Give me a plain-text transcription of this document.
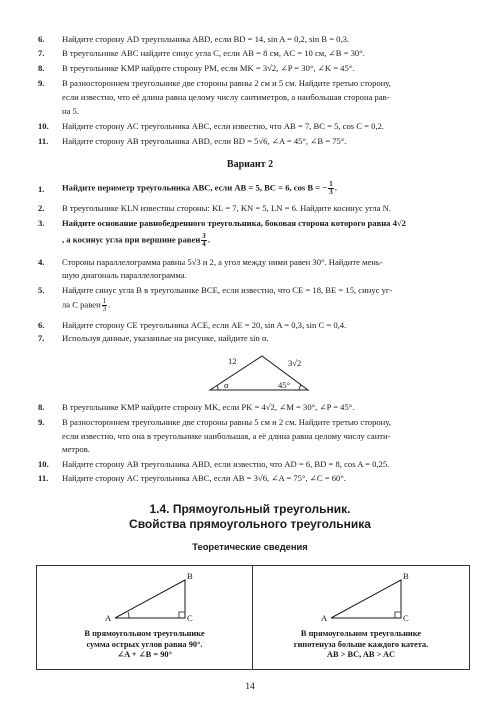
6. Найдите сторону AD треугольника ABD, если BD = 14, sin A = 0,2, sin B = 0,3.
7. В треугольнике ABC найдите синус угла C, если AB = 8 см, AC = 10 см, ∠B = 30°.
8. В треугольнике KMP найдите сторону PM, если MK = 3√2, ∠P = 30°, ∠K = 45°.
9. В разностороннем треугольнике две стороны равны 2 см и 5 см. Найдите третью сторону,
если известно, что её длина равна целому числу сантиметров, а наибольшая сторона рав-
на 5.
10. Найдите сторону AC треугольника ABC, если известно, что AB = 7, BC = 5, cos C = 0,2.
11. Найдите сторону AB треугольника ABD, если BD = 5√6, ∠A = 45°, ∠B = 75°.
Вариант 2
1. Найдите периметр треугольника ABC, если AB = 5, BC = 6, cos B = − $\frac{1}{3}$ .
2. В треугольнике KLN известны стороны: KL = 7, KN = 5, LN = 6. Найдите косинус угла N.
3. Найдите основание равнобедренного треугольника, боковая сторона которого равна 4√2
, а косинус угла при вершине равен $\frac{3}{4}$ .
4. Стороны параллелограмма равны 5√3 и 2, а угол между ними равен 30°. Найдите мень-
шую диагональ параллелограмма.
5. Найдите синус угла B в треугольнике BCE, если известно, что CE = 18, BE = 15, синус уг-
ла C равен $\frac{1}{3}$ .
6. Найдите сторону CE треугольника ACE, если AE = 20, sin A = 0,3, sin C = 0,4.
7. Используя данные, указанные на рисунке, найдите sin α.
12	3√2
α	45°
8. В треугольнике KMP найдите сторону MK, если PK = 4√2, ∠M = 30°, ∠P = 45°.
9. В разностороннем треугольнике две стороны равны 5 см и 2 см. Найдите третью сторону,
если известно, что она в треугольнике наибольшая, а её длина равна целому числу санти-
метров.
10. Найдите сторону AB треугольника ABD, если известно, что AD = 6, BD = 8, cos A = 0,25.
11. Найдите сторону AC треугольника ABC, если AB = 3√6, ∠A = 75°, ∠C = 60°.
1.4. Прямоугольный треугольник.
Свойства прямоугольного треугольника
Теоретические сведения
A
B
C
В прямоугольном треугольнике
сумма острых углов равна 90°.
∠A + ∠B = 90°
A
B
C
В прямоугольном треугольнике
гипотенуза больше каждого катета.
AB > BC, AB > AC
14
